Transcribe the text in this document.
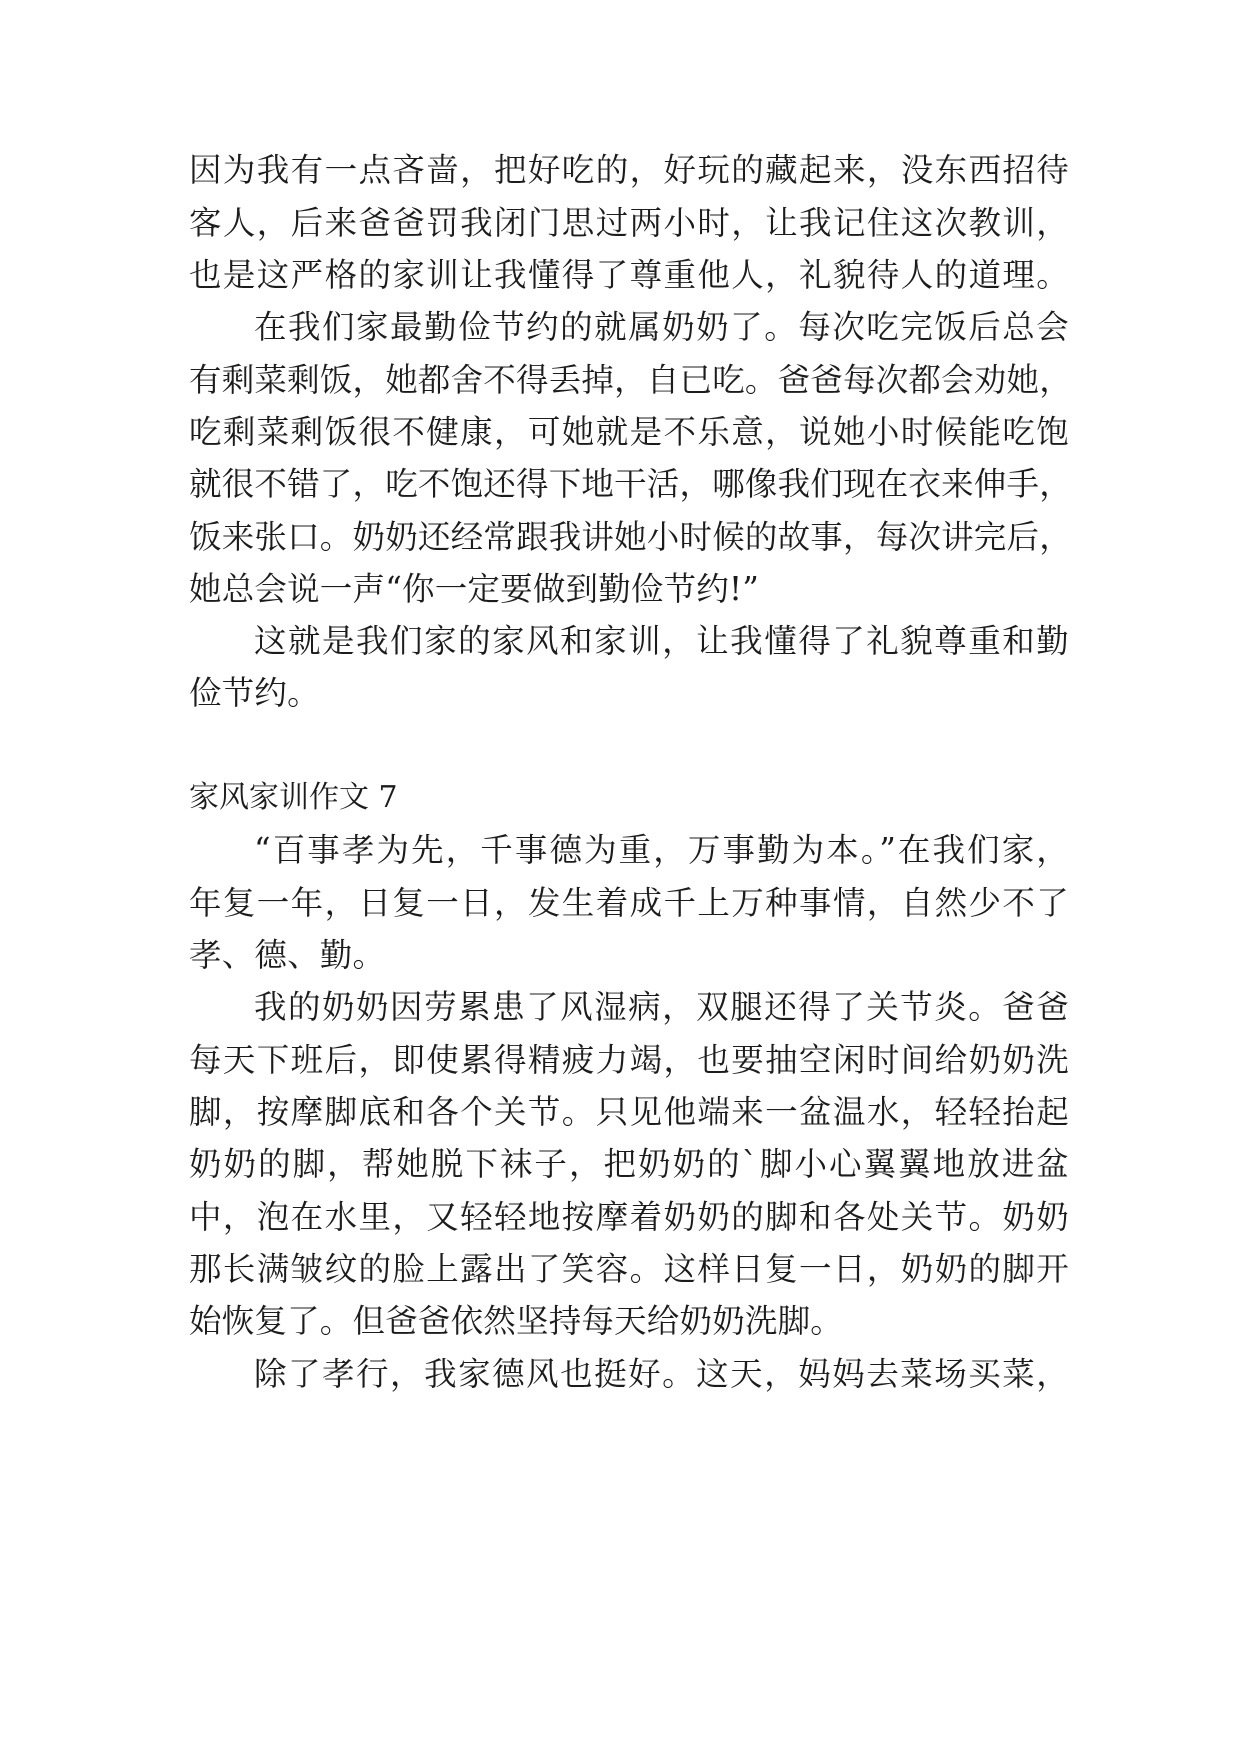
因为我有一点吝啬，把好吃的，好玩的藏起来，没东西招待
客人，后来爸爸罚我闭门思过两小时，让我记住这次教训，
也是这严格的家训让我懂得了尊重他人，礼貌待人的道理。
在我们家最勤俭节约的就属奶奶了。每次吃完饭后总会
有剩菜剩饭，她都舍不得丢掉，自已吃。爸爸每次都会劝她，
吃剩菜剩饭很不健康，可她就是不乐意，说她小时候能吃饱
就很不错了，吃不饱还得下地干活，哪像我们现在衣来伸手，
饭来张口。奶奶还经常跟我讲她小时候的故事，每次讲完后，
她总会说一声“你一定要做到勤俭节约!”
这就是我们家的家风和家训，让我懂得了礼貌尊重和勤
俭节约。
家风家训作文 7
“百事孝为先，千事德为重，万事勤为本。”在我们家，
年复一年，日复一日，发生着成千上万种事情，自然少不了
孝、德、勤。
我的奶奶因劳累患了风湿病，双腿还得了关节炎。爸爸
每天下班后，即使累得精疲力竭，也要抽空闲时间给奶奶洗
脚，按摩脚底和各个关节。只见他端来一盆温水，轻轻抬起
奶奶的脚，帮她脱下袜子，把奶奶的`脚小心翼翼地放进盆
中，泡在水里，又轻轻地按摩着奶奶的脚和各处关节。奶奶
那长满皱纹的脸上露出了笑容。这样日复一日，奶奶的脚开
始恢复了。但爸爸依然坚持每天给奶奶洗脚。
除了孝行，我家德风也挺好。这天，妈妈去菜场买菜，
